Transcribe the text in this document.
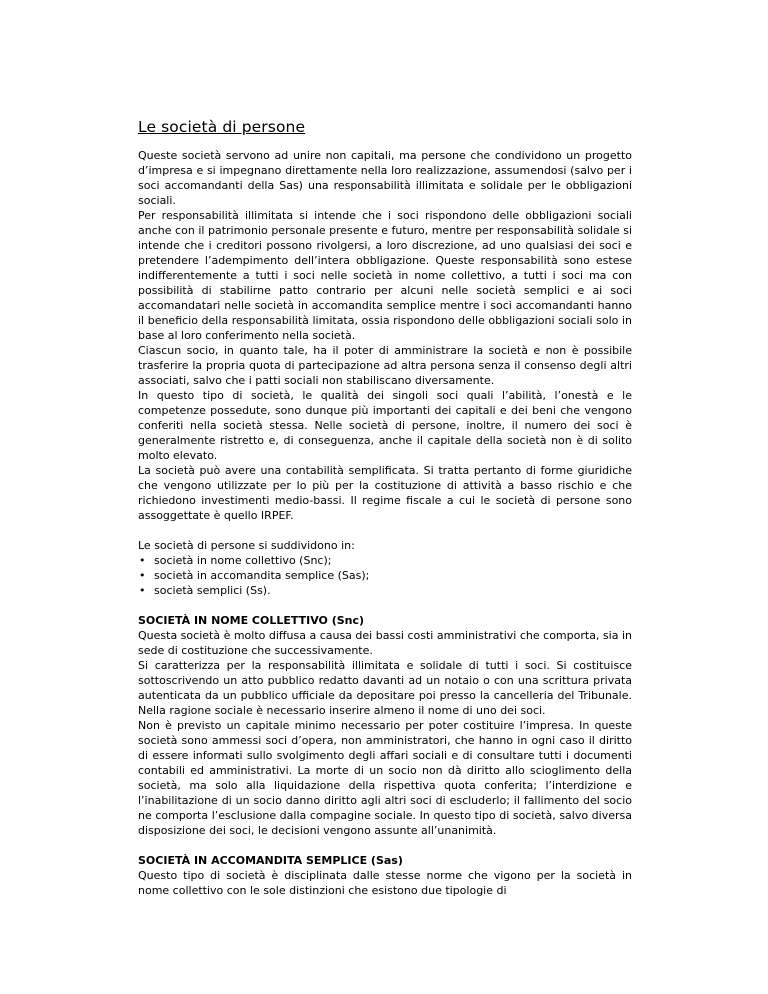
Le società di persone

Queste società servono ad unire non capitali, ma persone che condividono un progetto d’impresa e si impegnano direttamente nella loro realizzazione, assumendosi (salvo per i soci accomandanti della Sas) una responsabilità illimitata e solidale per le obbligazioni sociali.

Per responsabilità illimitata si intende che i soci rispondono delle obbligazioni sociali anche con il patrimonio personale presente e futuro, mentre per responsabilità solidale si intende che i creditori possono rivolgersi, a loro discrezione, ad uno qualsiasi dei soci e pretendere l’adempimento dell’intera obbligazione. Queste responsabilità sono estese indifferentemente a tutti i soci nelle società in nome collettivo, a tutti i soci ma con possibilità di stabilirne patto contrario per alcuni nelle società semplici e ai soci accomandatari nelle società in accomandita semplice mentre i soci accomandanti hanno il beneficio della responsabilità limitata, ossia rispondono delle obbligazioni sociali solo in base al loro conferimento nella società.

Ciascun socio, in quanto tale, ha il poter di amministrare la società e non è possibile trasferire la propria quota di partecipazione ad altra persona senza il consenso degli altri associati, salvo che i patti sociali non stabiliscano diversamente.

In questo tipo di società, le qualità dei singoli soci quali l’abilità, l’onestà e le competenze possedute, sono dunque più importanti dei capitali e dei beni che vengono conferiti nella società stessa. Nelle società di persone, inoltre, il numero dei soci è generalmente ristretto e, di conseguenza, anche il capitale della società non è di solito molto elevato.

La società può avere una contabilità semplificata. Si tratta pertanto di forme giuridiche che vengono utilizzate per lo più per la costituzione di attività a basso rischio e che richiedono investimenti medio-bassi. Il regime fiscale a cui le società di persone sono assoggettate è quello IRPEF.

Le società di persone si suddividono in:

• società in nome collettivo (Snc);
• società in accomandita semplice (Sas);
• società semplici (Ss).
SOCIETÀ IN NOME COLLETTIVO (Snc)

Questa società è molto diffusa a causa dei bassi costi amministrativi che comporta, sia in sede di costituzione che successivamente.

Si caratterizza per la responsabilità illimitata e solidale di tutti i soci. Si costituisce sottoscrivendo un atto pubblico redatto davanti ad un notaio o con una scrittura privata autenticata da un pubblico ufficiale da depositare poi presso la cancelleria del Tribunale. Nella ragione sociale è necessario inserire almeno il nome di uno dei soci.

Non è previsto un capitale minimo necessario per poter costituire l’impresa. In queste società sono ammessi soci d’opera, non amministratori, che hanno in ogni caso il diritto di essere informati sullo svolgimento degli affari sociali e di consultare tutti i documenti contabili ed amministrativi. La morte di un socio non dà diritto allo scioglimento della società, ma solo alla liquidazione della rispettiva quota conferita; l’interdizione e l’inabilitazione di un socio danno diritto agli altri soci di escluderlo; il fallimento del socio ne comporta l’esclusione dalla compagine sociale. In questo tipo di società, salvo diversa disposizione dei soci, le decisioni vengono assunte all’unanimità.

SOCIETÀ IN ACCOMANDITA SEMPLICE (Sas)

Questo tipo di società è disciplinata dalle stesse norme che vigono per la società in nome collettivo con le sole distinzioni che esistono due tipologie di
